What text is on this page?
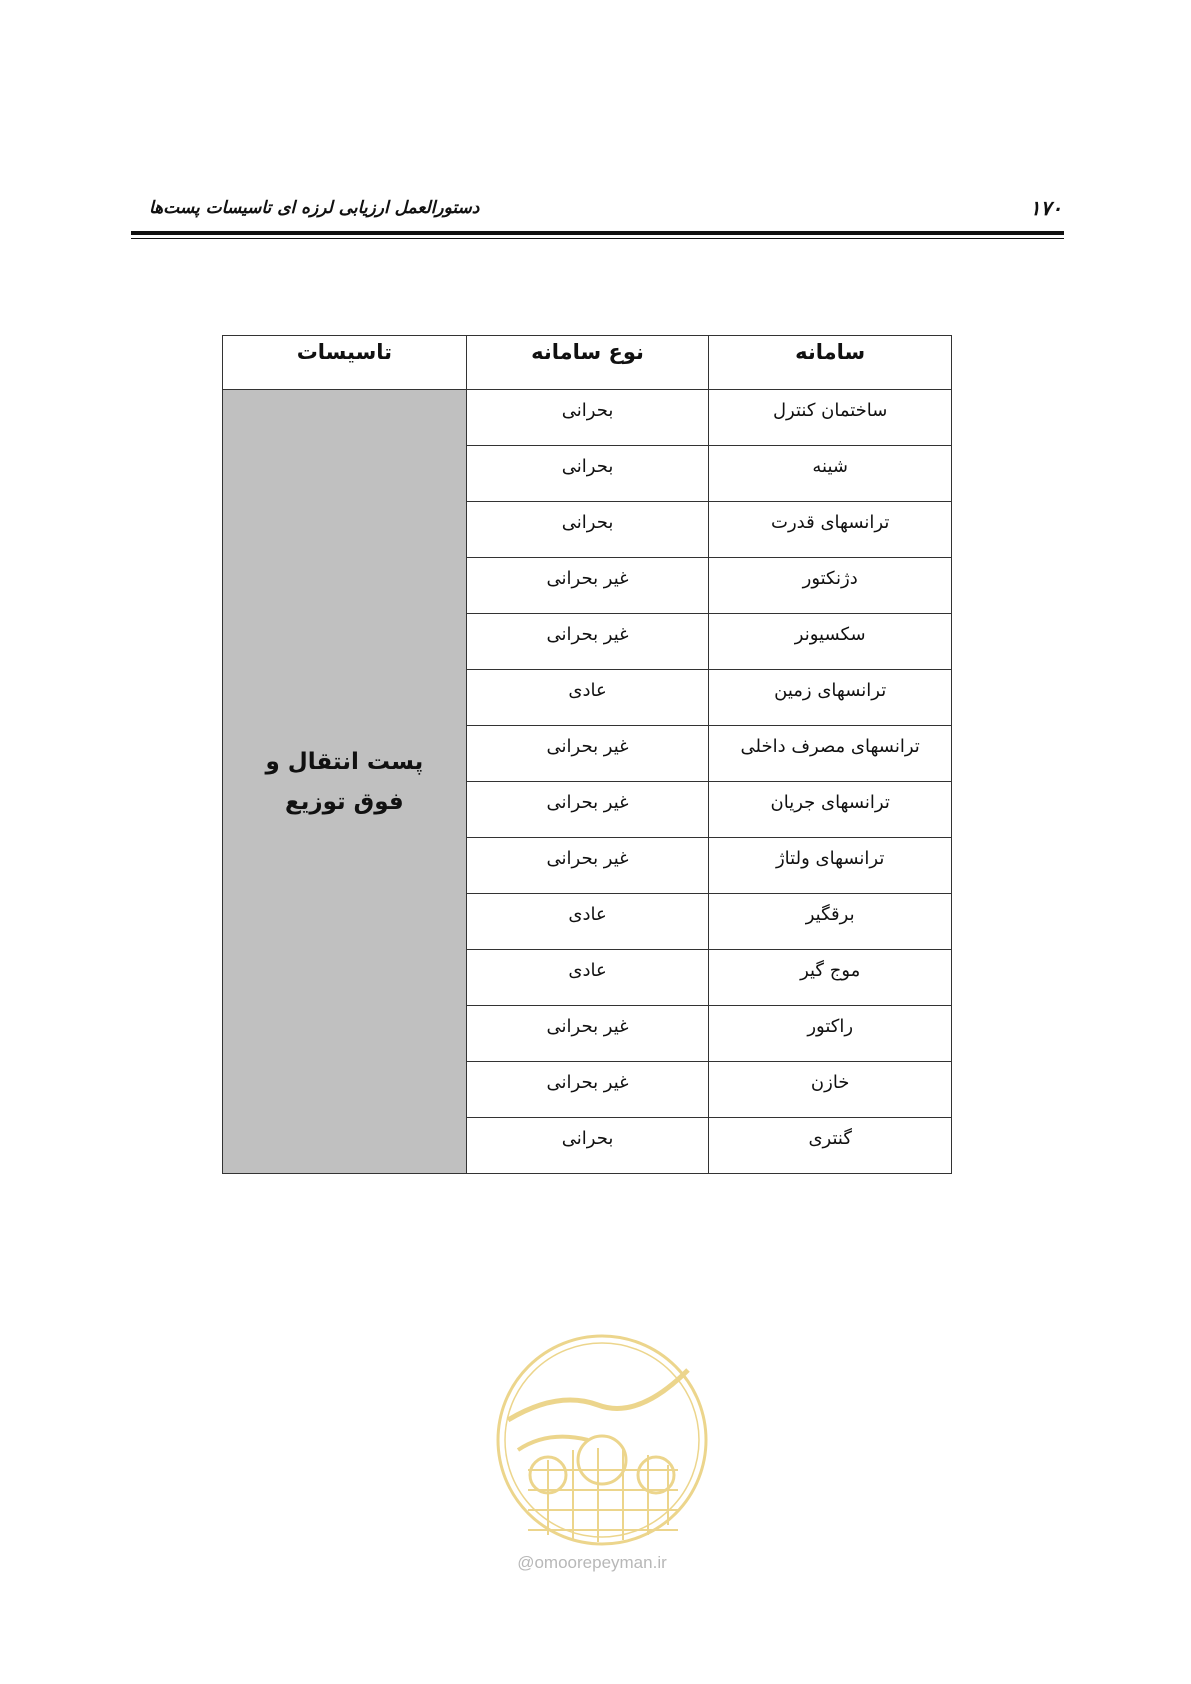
۱۷۰
دستورالعمل ارزیابی لرزه ای تاسیسات پست‌ها
سامانه	نوع سامانه	تاسیسات
ساختمان کنترل	بحرانی	پست انتقال و فوق توزیع
شینه	بحرانی	
ترانسهای قدرت	بحرانی	
دژنکتور	غیر بحرانی	
سکسیونر	غیر بحرانی	
ترانسهای زمین	عادی	
ترانسهای مصرف داخلی	غیر بحرانی	
ترانسهای جریان	غیر بحرانی	
ترانسهای ولتاژ	غیر بحرانی	
برقگیر	عادی	
موج گیر	عادی	
راکتور	غیر بحرانی	
خازن	غیر بحرانی	
گنتری	بحرانی	
@omoorepeyman.ir
